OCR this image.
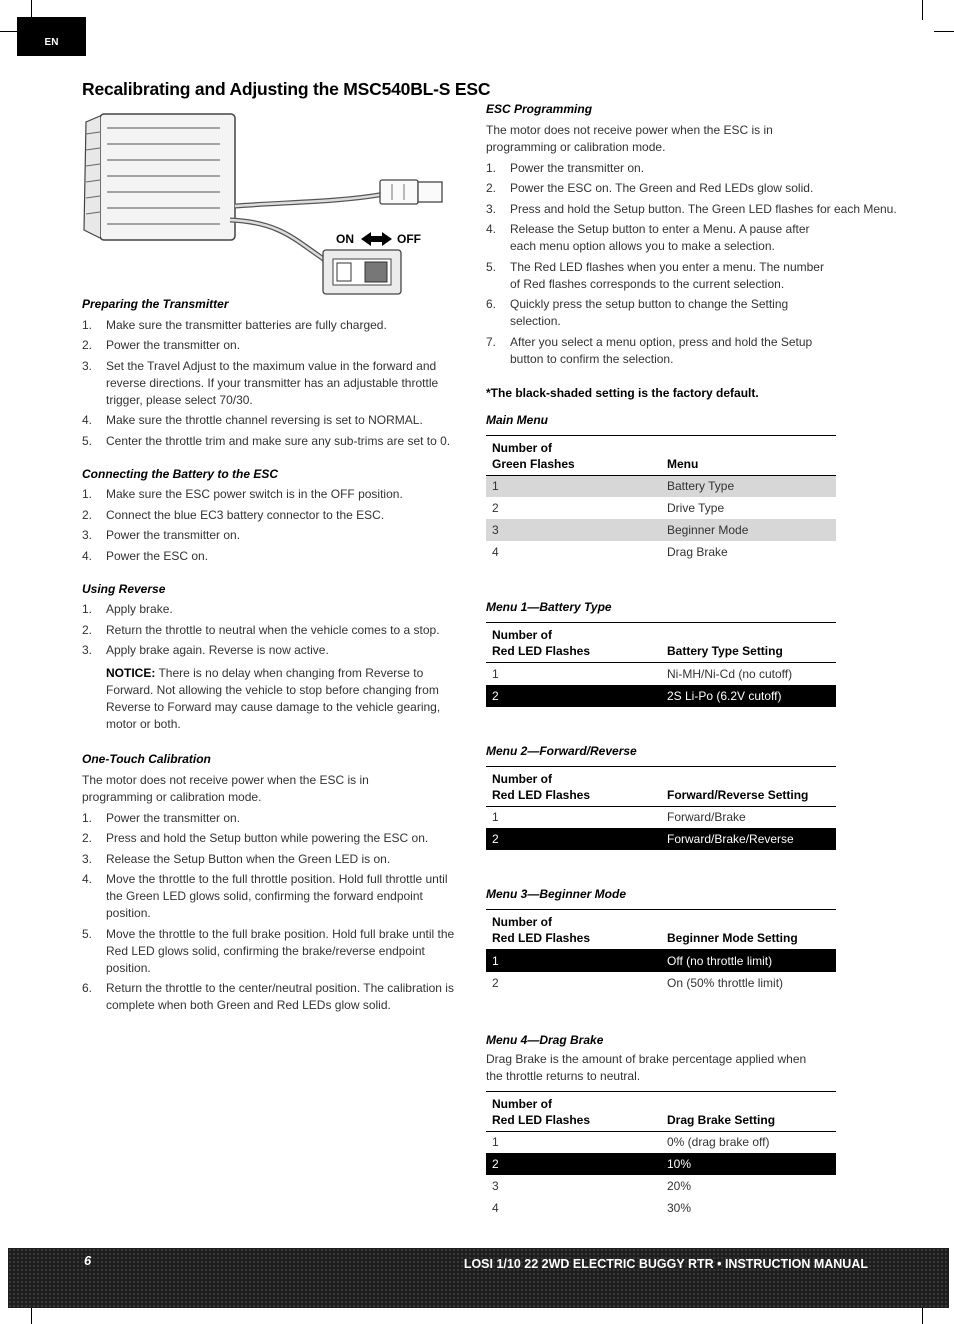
EN
Recalibrating and Adjusting the MSC540BL-S ESC
ON	OFF
Preparing the Transmitter
1. Make sure the transmitter batteries are fully charged.
2. Power the transmitter on.
3. Set the Travel Adjust to the maximum value in the forward and reverse directions. If your transmitter has an adjustable throttle trigger, please select 70/30.
4. Make sure the throttle channel reversing is set to NORMAL.
5. Center the throttle trim and make sure any sub-trims are set to 0.
Connecting the Battery to the ESC
1. Make sure the ESC power switch is in the OFF position.
2. Connect the blue EC3 battery connector to the ESC.
3. Power the transmitter on.
4. Power the ESC on.
Using Reverse
1. Apply brake.
2. Return the throttle to neutral when the vehicle comes to a stop.
3. Apply brake again. Reverse is now active.

NOTICE: There is no delay when changing from Reverse to Forward. Not allowing the vehicle to stop before changing from Reverse to Forward may cause damage to the vehicle gearing, motor or both.

One-Touch Calibration

The motor does not receive power when the ESC is in programming or calibration mode.

1. Power the transmitter on.
2. Press and hold the Setup button while powering the ESC on.
3. Release the Setup Button when the Green LED is on.
4. Move the throttle to the full throttle position. Hold full throttle until the Green LED glows solid, confirming the forward endpoint position.
5. Move the throttle to the full brake position. Hold full brake until the Red LED glows solid, confirming the brake/reverse endpoint position.
6. Return the throttle to the center/neutral position. The calibration is complete when both Green and Red LEDs glow solid.
ESC Programming

The motor does not receive power when the ESC is in programming or calibration mode.

1. Power the transmitter on.
2. Power the ESC on. The Green and Red LEDs glow solid.
3. Press and hold the Setup button. The Green LED flashes for each Menu.
4. Release the Setup button to enter a Menu. A pause after each menu option allows you to make a selection.
5. The Red LED flashes when you enter a menu. The number of Red flashes corresponds to the current selection.
6. Quickly press the setup button to change the Setting selection.
7. After you select a menu option, press and hold the Setup button to confirm the selection.

*The black-shaded setting is the factory default.

Main Menu
Number of
Green Flashes	Menu
1	Battery Type
2	Drive Type
3	Beginner Mode
4	Drag Brake
Menu 1—Battery Type
Number of
Red LED Flashes	Battery Type Setting
1	Ni-MH/Ni-Cd (no cutoff)
2	2S Li-Po (6.2V cutoff)
Menu 2—Forward/Reverse
Number of
Red LED Flashes	Forward/Reverse Setting
1	Forward/Brake
2	Forward/Brake/Reverse
Menu 3—Beginner Mode
Number of
Red LED Flashes	Beginner Mode Setting
1	Off (no throttle limit)
2	On (50% throttle limit)
Menu 4—Drag Brake

Drag Brake is the amount of brake percentage applied when the throttle returns to neutral.

Number of
Red LED Flashes	Drag Brake Setting
1	0% (drag brake off)
2	10%
3	20%
4	30%
6	LOSI 1/10 22 2WD ELECTRIC BUGGY RTR • INSTRUCTION MANUAL
